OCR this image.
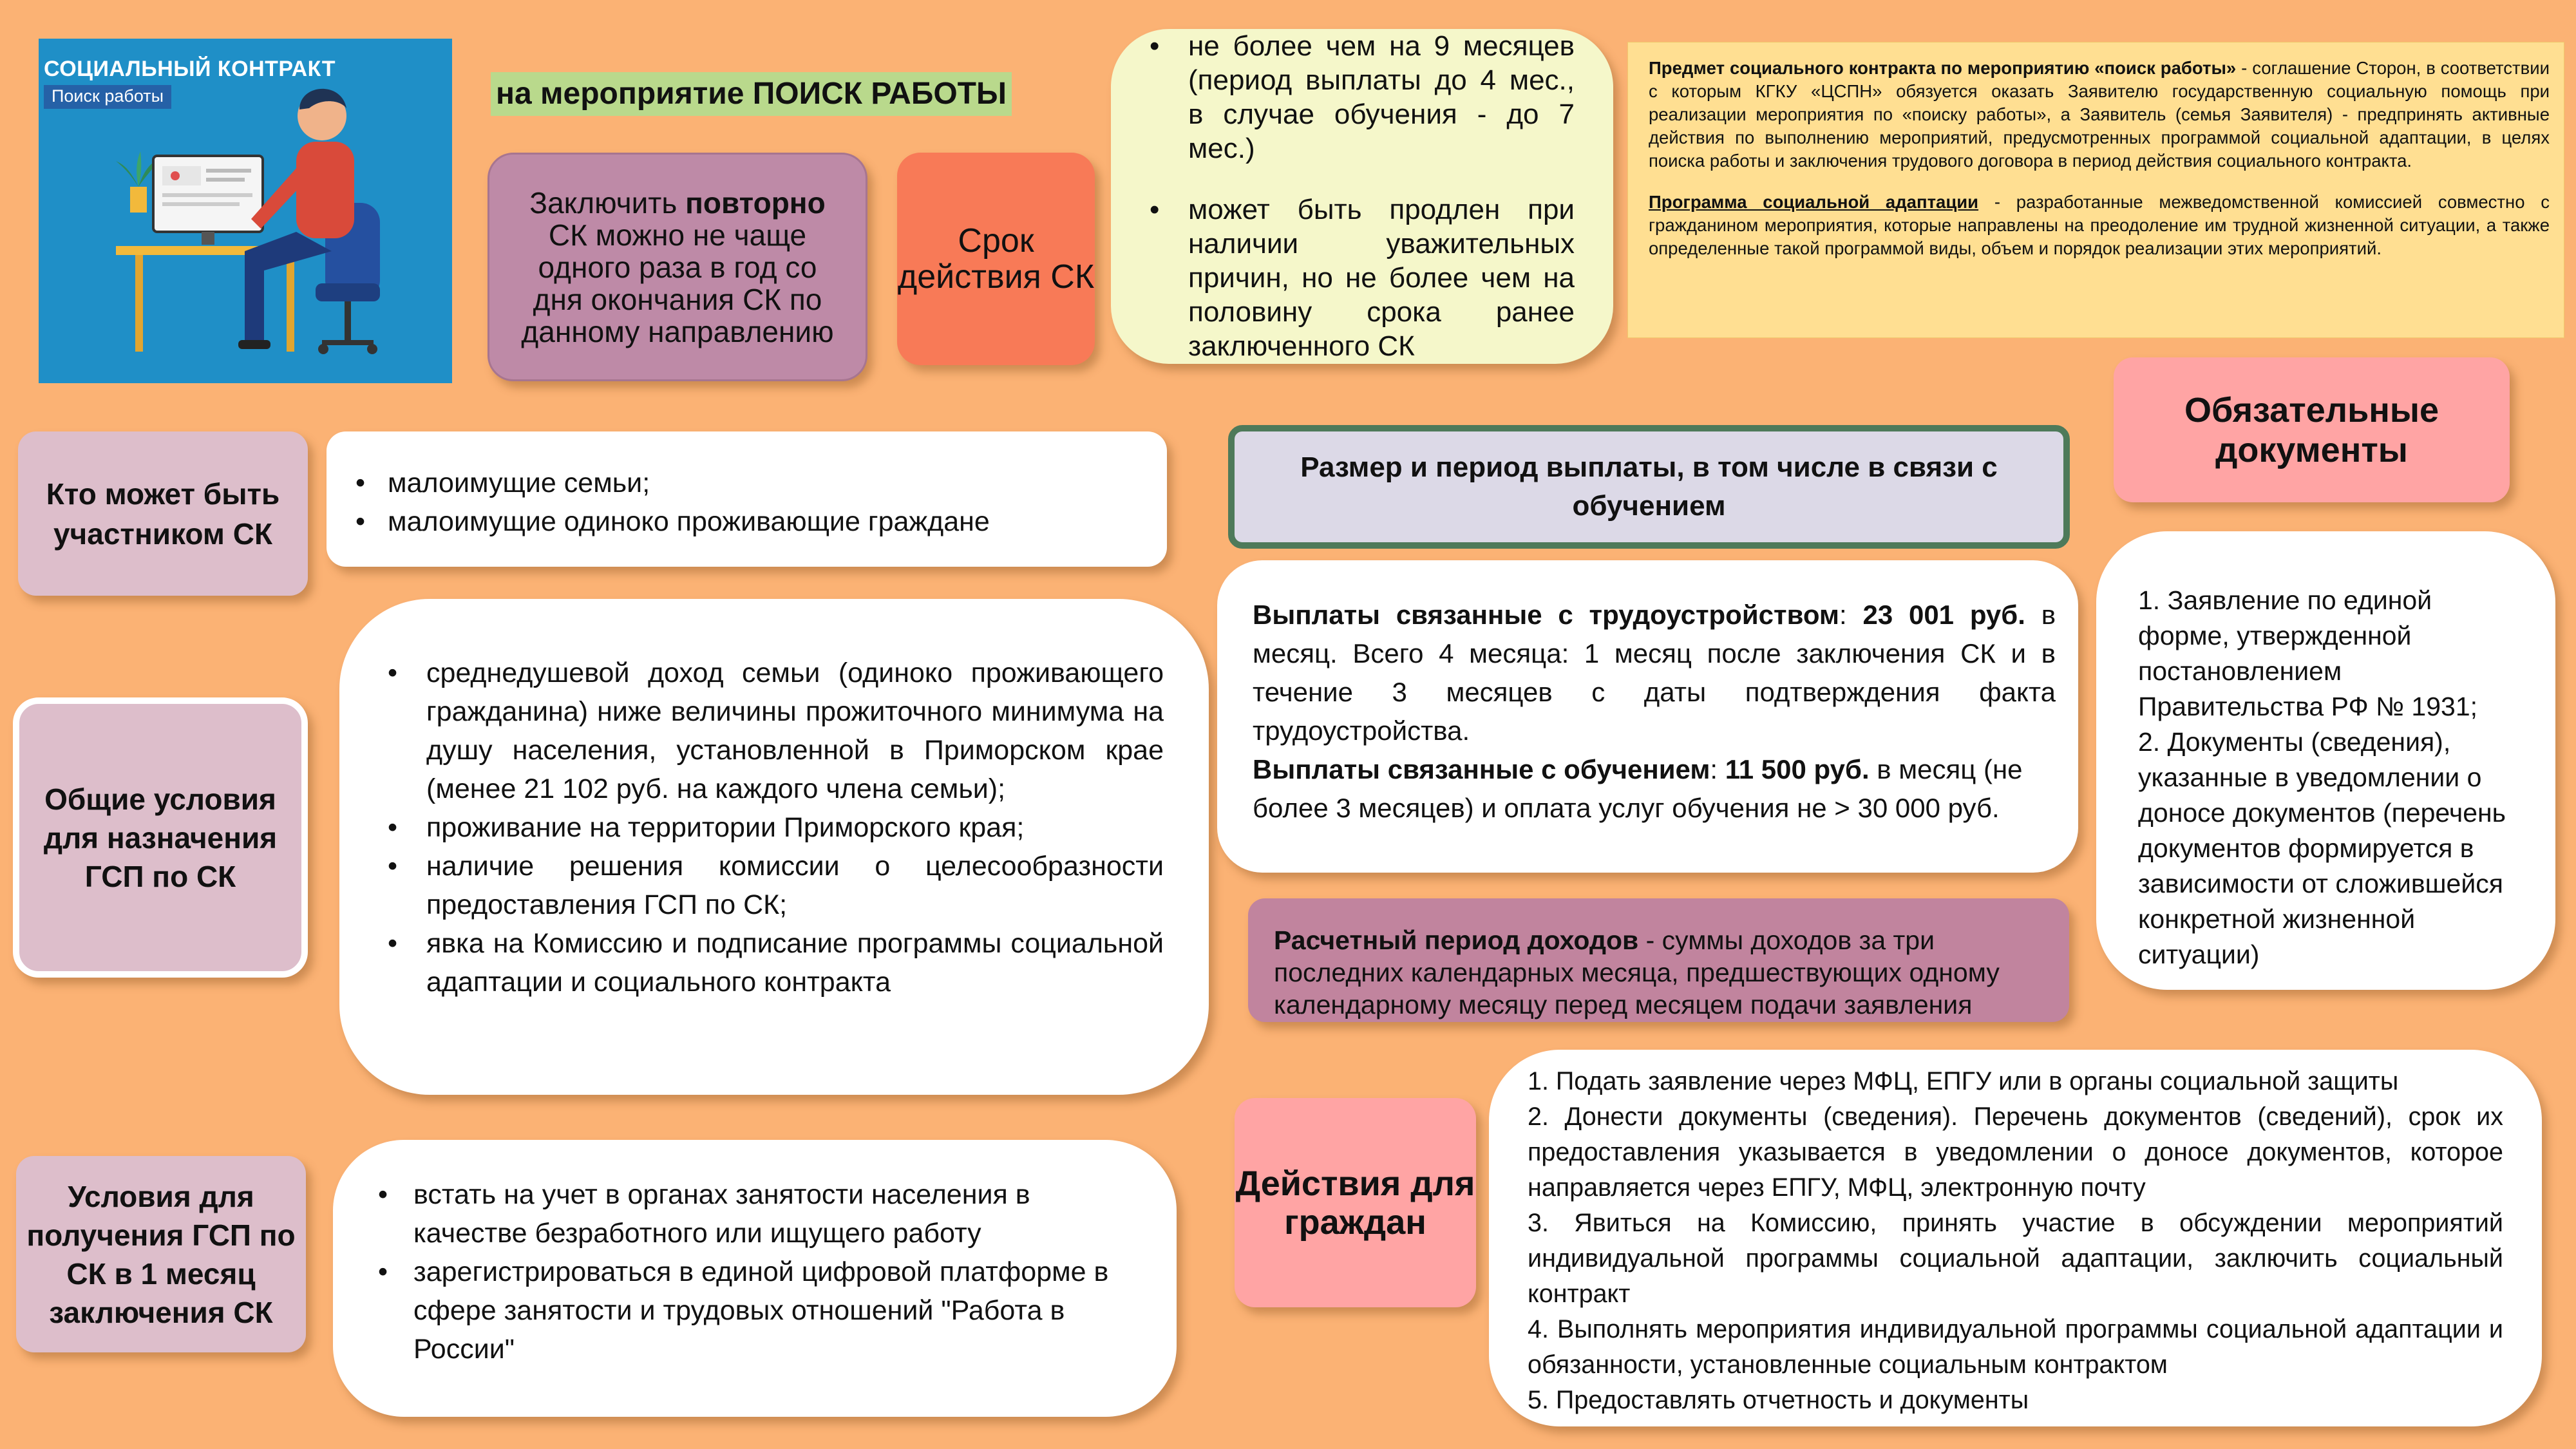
СОЦИАЛЬНЫЙ КОНТРАКТ
Поиск работы	на мероприятие ПОИСК РАБОТЫ
Заключить повторно СК можно не чаще одного раза в год со дня окончания СК по данному направлению
Срок действия СК
• не более чем на 9 месяцев (период выплаты до 4 мес., в случае обучения - до 7 мес.)
• может быть продлен при наличии уважительных причин, но не более чем на половину срока ранее заключенного СК

Предмет социального контракта по мероприятию «поиск работы» - соглашение Сторон, в соответствии с которым КГКУ «ЦСПН» обязуется оказать Заявителю государственную социальную помощь при реализации мероприятия по «поиску работы», а Заявитель (семья Заявителя) - предпринять активные действия по выполнению мероприятий, предусмотренных программой социальной адаптации, в целях поиска работы и заключения трудового договора в период действия социального контракта.

Программа социальной адаптации - разработанные межведомственной комиссией совместно с гражданином мероприятия, которые направлены на преодоление им трудной жизненной ситуации, а также определенные такой программой виды, объем и порядок реализации этих мероприятий.

Обязательные документы
1. Заявление по единой форме, утвержденной постановлением Правительства РФ № 1931;
2. Документы (сведения), указанные в уведомлении о доносе документов (перечень документов формируется в зависимости от сложившейся конкретной жизненной ситуации)
Кто может быть участником СК
• малоимущие семьи;
• малоимущие одиноко проживающие граждане
Общие условия для назначения ГСП по СК
• среднедушевой доход семьи (одиноко проживающего гражданина) ниже величины прожиточного минимума на душу населения, установленной в Приморском крае (менее 21 102 руб. на каждого члена семьи);
• проживание на территории Приморского края;
• наличие решения комиссии о целесообразности предоставления ГСП по СК;
• явка на Комиссию и подписание программы социальной адаптации и социального контракта
Условия для получения ГСП по СК в 1 месяц заключения СК
• встать на учет в органах занятости населения в качестве безработного или ищущего работу
• зарегистрироваться в единой цифровой платформе в сфере занятости и трудовых отношений "Работа в России"
Размер и период выплаты, в том числе в связи с обучением

Выплаты связанные с трудоустройством: 23 001 руб. в месяц. Всего 4 месяца: 1 месяц после заключения СК и в течение 3 месяцев с даты подтверждения факта трудоустройства.

Выплаты связанные с обучением: 11 500 руб. в месяц (не более 3 месяцев) и оплата услуг обучения не > 30 000 руб.

Расчетный период доходов - суммы доходов за три последних календарных месяца, предшествующих одному календарному месяцу перед месяцем подачи заявления
Действия для граждан

1. Подать заявление через МФЦ, ЕПГУ или в органы социальной защиты

2. Донести документы (сведения). Перечень документов (сведений), срок их предоставления указывается в уведомлении о доносе документов, которое направляется через ЕПГУ, МФЦ, электронную почту

3. Явиться на Комиссию, принять участие в обсуждении мероприятий индивидуальной программы социальной адаптации, заключить социальный контракт

4. Выполнять мероприятия индивидуальной программы социальной адаптации и обязанности, установленные социальным контрактом

5. Предоставлять отчетность и документы
